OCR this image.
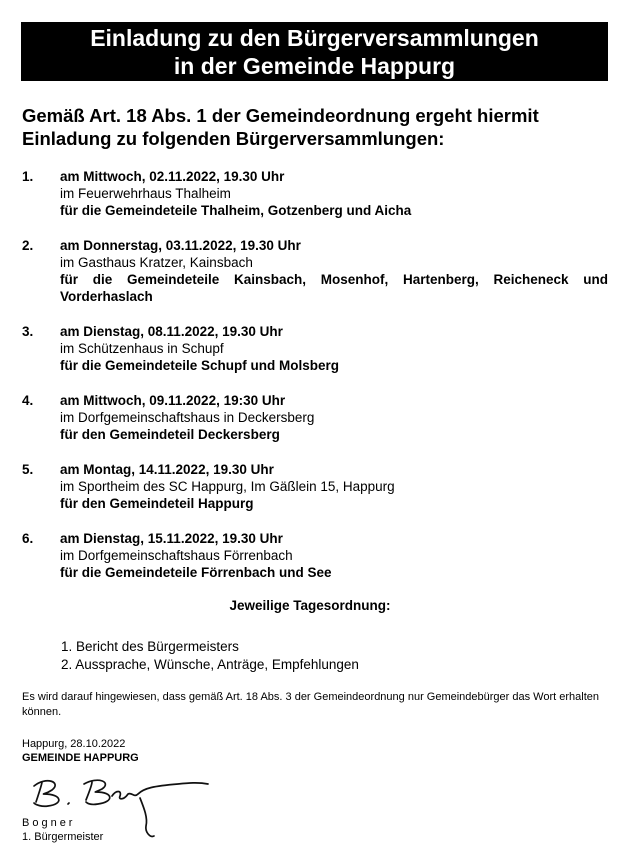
Einladung zu den Bürgerversammlungen
in der Gemeinde Happurg
Gemäß Art. 18 Abs. 1 der Gemeindeordnung ergeht hiermit Einladung zu folgenden Bürgerversammlungen:
1. am Mittwoch, 02.11.2022, 19.30 Uhr
im Feuerwehrhaus Thalheim
für die Gemeindeteile Thalheim, Gotzenberg und Aicha
2. am Donnerstag, 03.11.2022, 19.30 Uhr
im Gasthaus Kratzer, Kainsbach
für die Gemeindeteile Kainsbach, Mosenhof, Hartenberg, Reicheneck und Vorderhaslach
3. am Dienstag, 08.11.2022, 19.30 Uhr
im Schützenhaus in Schupf
für die Gemeindeteile Schupf und Molsberg
4. am Mittwoch, 09.11.2022, 19:30 Uhr
im Dorfgemeinschaftshaus in Deckersberg
für den Gemeindeteil Deckersberg
5. am Montag, 14.11.2022, 19.30 Uhr
im Sportheim des SC Happurg, Im Gäßlein 15, Happurg
für den Gemeindeteil Happurg
6. am Dienstag, 15.11.2022, 19.30 Uhr
im Dorfgemeinschaftshaus Förrenbach
für die Gemeindeteile Förrenbach und See
Jeweilige Tagesordnung:
1. Bericht des Bürgermeisters
2. Aussprache, Wünsche, Anträge, Empfehlungen
Es wird darauf hingewiesen, dass gemäß Art. 18 Abs. 3 der Gemeindeordnung nur Gemeindebürger das Wort erhalten können.
Happurg, 28.10.2022
GEMEINDE HAPPURG
Bogner
1. Bürgermeister
